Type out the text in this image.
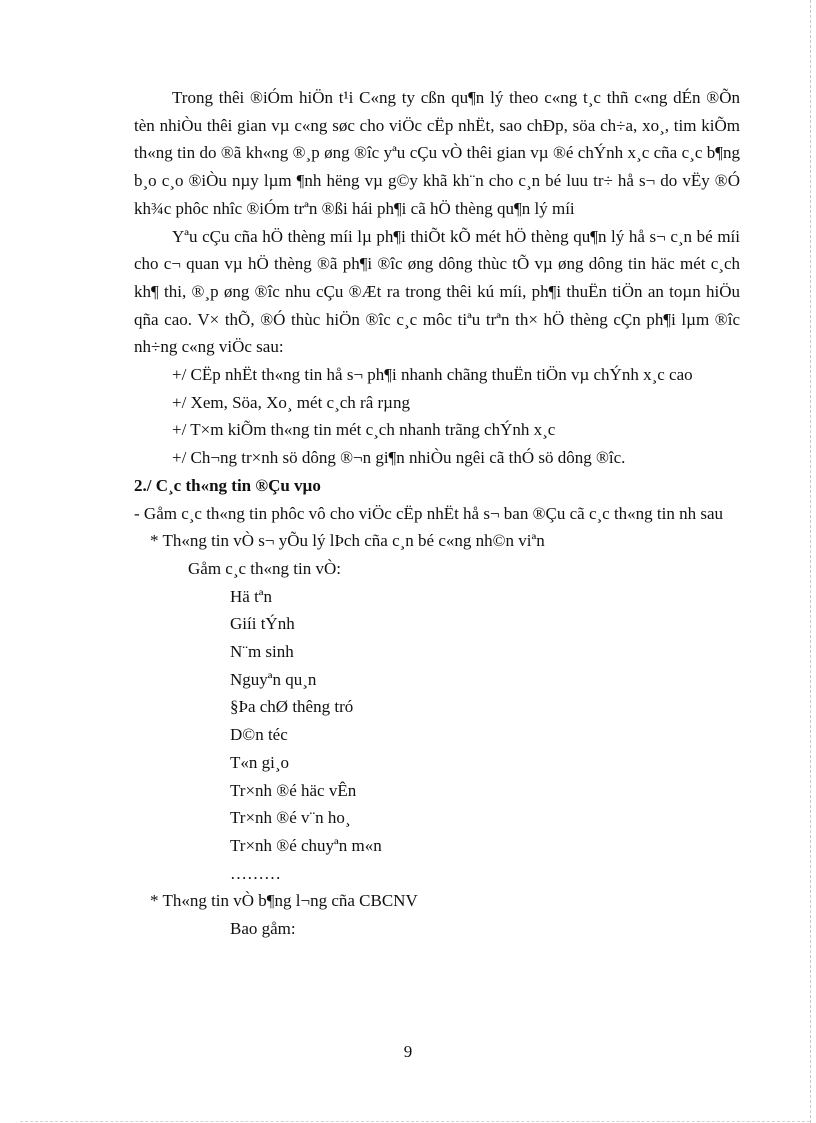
Trong thêi ®iÓm hiÖn t¹i C«ng ty cßn qu¶n lý theo c«ng t¸c thñ c«ng dÉn ®Õn tèn nhiÒu thêi gian vµ c«ng søc cho viÖc cËp nhËt, sao chÐp, söa ch÷a, xo¸, tim kiÕm th«ng tin do ®ã kh«ng ®¸p øng ®îc yªu cÇu vÒ thêi gian vµ ®é chÝnh x¸c cña c¸c b¶ng b¸o c¸o ®iÒu nµy lµm ¶nh hëng vµ g©y khã kh¨n cho c¸n bé luu tr÷ hå s¬ do vËy ®Ó kh¾c phôc nhîc ®iÓm trªn ®ßi hái ph¶i cã hÖ thèng qu¶n lý míi

Yªu cÇu cña hÖ thèng míi lµ ph¶i thiÕt kÕ mét hÖ thèng qu¶n lý hå s¬ c¸n bé míi cho c¬ quan vµ hÖ thèng ®ã ph¶i ®îc øng dông thùc tÕ vµ øng dông tin häc mét c¸ch kh¶ thi, ®¸p øng ®îc nhu cÇu ®Æt ra trong thêi kú míi, ph¶i thuËn tiÖn an toµn hiÖu qña cao. V× thÕ, ®Ó thùc hiÖn ®îc c¸c môc tiªu trªn th× hÖ thèng cÇn ph¶i lµm ®îc nh÷ng c«ng viÖc sau:

+/ CËp nhËt th«ng tin hå s¬ ph¶i nhanh chãng thuËn tiÖn vµ chÝnh x¸c cao

+/ Xem, Söa, Xo¸ mét c¸ch râ rµng

+/ T×m kiÕm th«ng tin mét c¸ch nhanh trãng chÝnh x¸c

+/ Ch¬ng tr×nh sö dông ®¬n gi¶n nhiÒu ngêi cã thÓ sö dông ®îc.

2./ C¸c th«ng tin ®Çu vµo

- Gåm c¸c th«ng tin phôc vô cho viÖc cËp nhËt hå s¬ ban ®Çu cã c¸c th«ng tin nh sau

* Th«ng tin vÒ s¬ yÕu lý lÞch cña c¸n bé c«ng nh©n viªn

Gåm c¸c th«ng tin vÒ:

Hä tªn

Giíi tÝnh

N¨m sinh

Nguyªn qu¸n

§Þa chØ thêng tró

D©n téc

T«n gi¸o

Tr×nh ®é häc vÊn

Tr×nh ®é v¨n ho¸

Tr×nh ®é chuyªn m«n

………

* Th«ng tin vÒ b¶ng l¬ng cña CBCNV

Bao gåm:

9
